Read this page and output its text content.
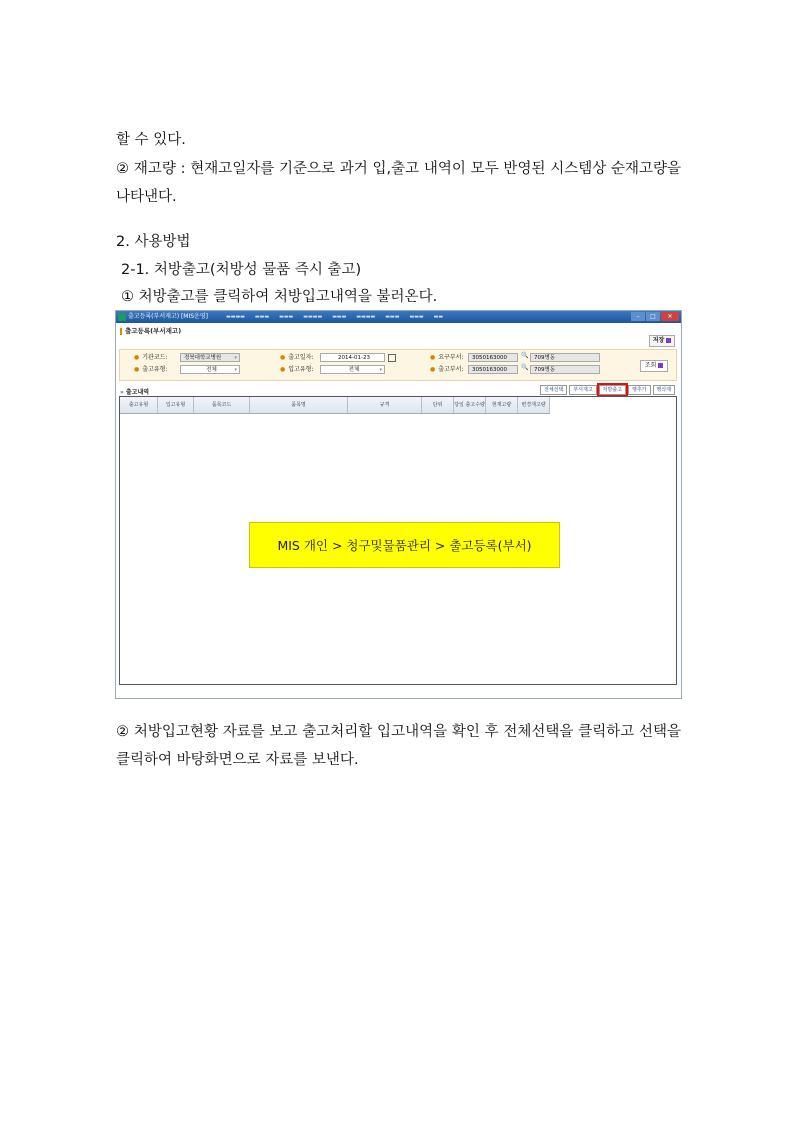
할 수 있다.
② 재고량 : 현재고일자를 기준으로 과거 입,출고 내역이 모두 반영된 시스템상 순재고량을 나타낸다.
2. 사용방법
2-1. 처방출고(처방성 물품 즉시 출고)
① 처방출고를 클릭하여 처방입고내역을 불러온다.
출고등록(부서재고) [MIS운영]	▬▬▬▬ ▬▬▬ ▬▬▬ ▬▬▬▬ ▬▬▬ ▬▬▬▬ ▬▬▬ ▬▬▬ ▬▬	–	□	✕
출고등록(부서재고)
저장
● 기관코드:	경북대학교병원 ▾
● 출고유형:	전체 ▾
● 출고일자:	2014-01-23
● 입고유형:	전체 ▾
● 요구부서:	3050163000	🔍	709병동
● 출고부서:	3050163000	🔍	709병동
조회
» 출고내역	전체선택	부서재고	처방출고	행추가	행삭제
출고유형	입고유형	품목코드	품목명	규격	단위	당일 출고수량	현재고량	변경재고량
MIS 개인 > 청구및물품관리 > 출고등록(부서)
② 처방입고현황 자료를 보고 출고처리할 입고내역을 확인 후 전체선택을 클릭하고 선택을 클릭하여 바탕화면으로 자료를 보낸다.
